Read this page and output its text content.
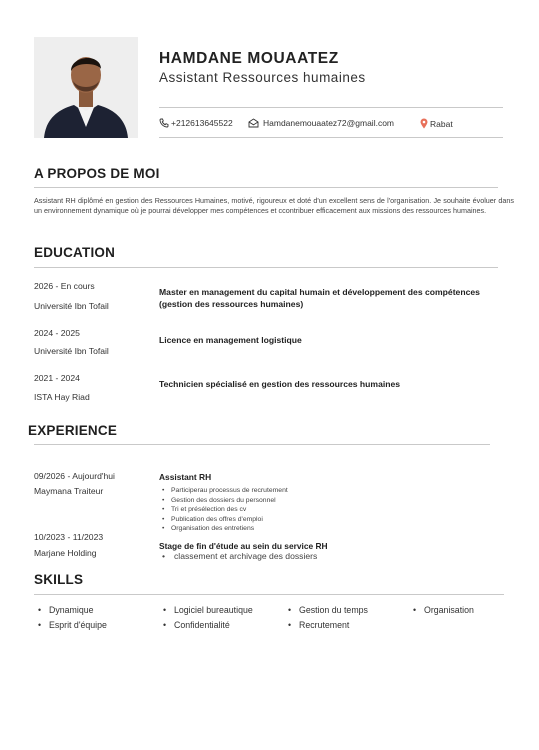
HAMDANE MOUAATEZ
Assistant Ressources humaines
+212613645522	Hamdanemouaatez72@gmail.com	Rabat
A PROPOS DE MOI
Assistant RH diplômé en gestion des Ressources Humaines, motivé, rigoureux et doté d'un excellent sens de l'organisation. Je souhaite évoluer dans un environnement dynamique où je pourrai développer mes compétences et ccontribuer efficacement aux missions des ressources humaines.
EDUCATION
2026 - En cours
Université Ibn Tofail
Master en management du capital humain et développement des compétences (gestion des ressources humaines)
2024 - 2025
Université Ibn Tofail
Licence en management logistique
2021 - 2024
ISTA Hay Riad
Technicien spécialisé en gestion des ressources humaines
EXPERIENCE
09/2026 - Aujourd'hui
Maymana Traiteur
Assistant RH
• Participerau processus de recrutement
• Gestion des dossiers du personnel
• Tri et présélection des cv
• Publication des offres d'emploi
• Organisation des entretiens
10/2023 - 11/2023
Marjane Holding
Stage de fin d'étude au sein du service RH
• classement et archivage des dossiers
SKILLS
• Dynamique
• Esprit d'équipe
• Logiciel bureautique
• Confidentialité
• Gestion du temps
• Recrutement
• Organisation
